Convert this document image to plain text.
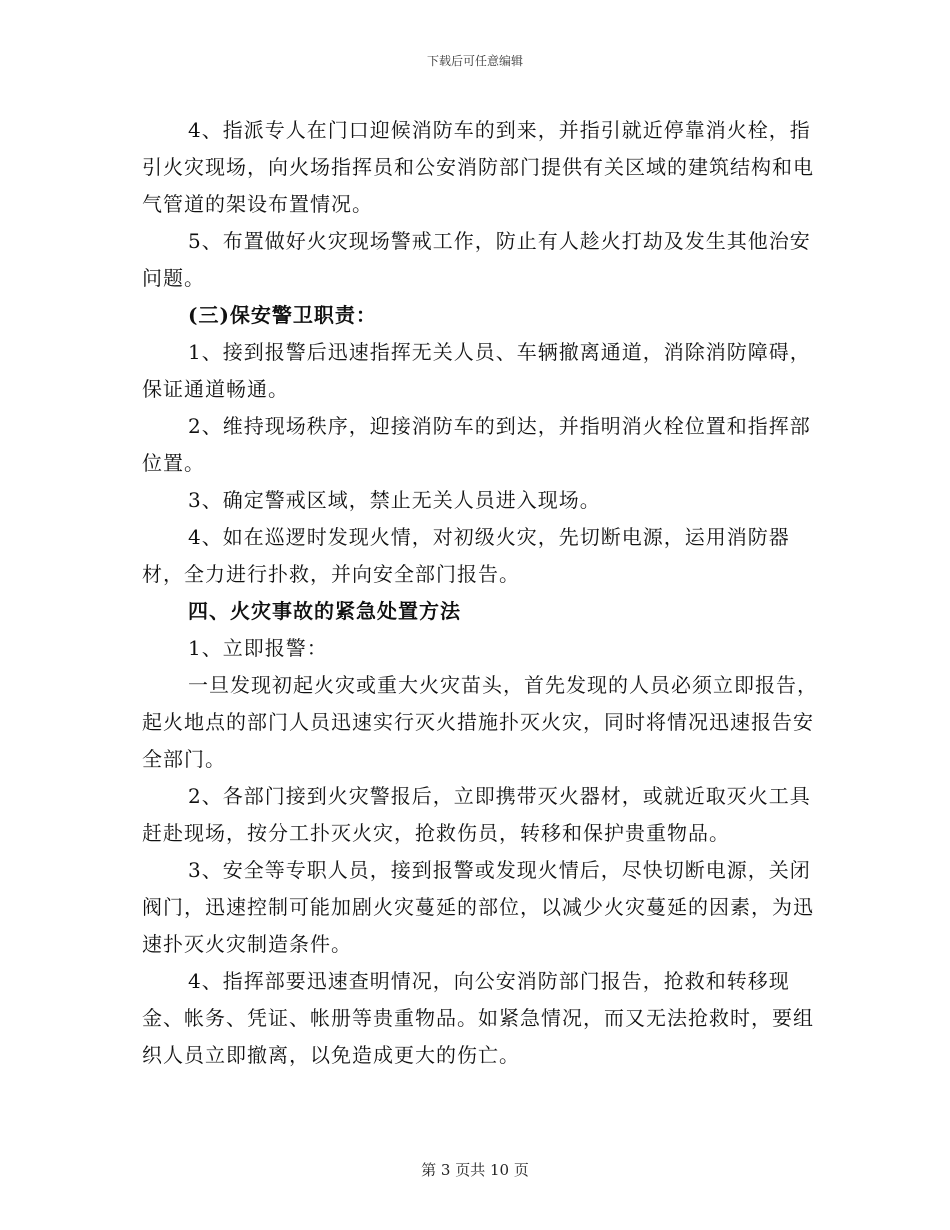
下载后可任意编辑

4、指派专人在门口迎候消防车的到来，并指引就近停靠消火栓，指引火灾现场，向火场指挥员和公安消防部门提供有关区域的建筑结构和电气管道的架设布置情况。

5、布置做好火灾现场警戒工作，防止有人趁火打劫及发生其他治安问题。

(三)保安警卫职责：

1、接到报警后迅速指挥无关人员、车辆撤离通道，消除消防障碍，保证通道畅通。

2、维持现场秩序，迎接消防车的到达，并指明消火栓位置和指挥部位置。

3、确定警戒区域，禁止无关人员进入现场。

4、如在巡逻时发现火情，对初级火灾，先切断电源，运用消防器材，全力进行扑救，并向安全部门报告。

四、火灾事故的紧急处置方法

1、立即报警：

一旦发现初起火灾或重大火灾苗头，首先发现的人员必须立即报告，起火地点的部门人员迅速实行灭火措施扑灭火灾，同时将情况迅速报告安全部门。

2、各部门接到火灾警报后，立即携带灭火器材，或就近取灭火工具赶赴现场，按分工扑灭火灾，抢救伤员，转移和保护贵重物品。

3、安全等专职人员，接到报警或发现火情后，尽快切断电源，关闭阀门，迅速控制可能加剧火灾蔓延的部位，以减少火灾蔓延的因素，为迅速扑灭火灾制造条件。

4、指挥部要迅速查明情况，向公安消防部门报告，抢救和转移现金、帐务、凭证、帐册等贵重物品。如紧急情况，而又无法抢救时，要组织人员立即撤离，以免造成更大的伤亡。

第 3 页共 10 页
